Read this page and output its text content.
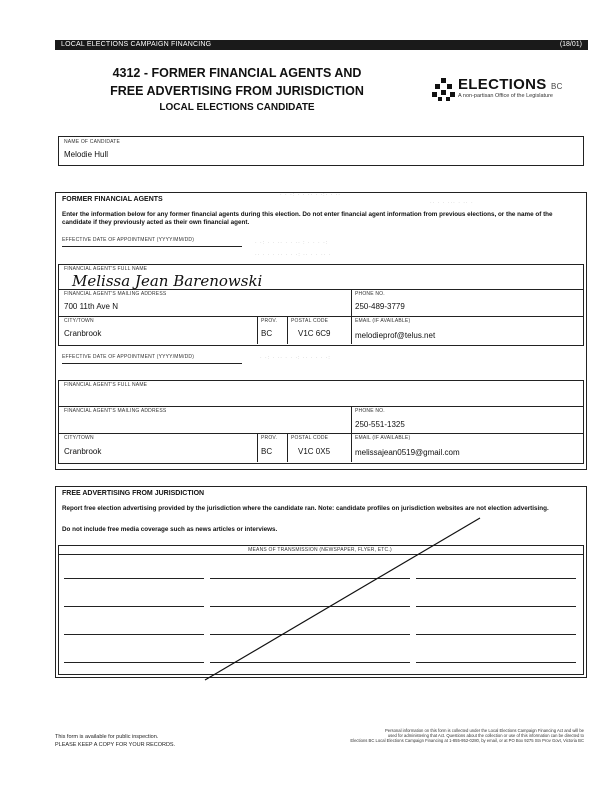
LOCAL ELECTIONS CAMPAIGN FINANCING	(18/01)
4312 - FORMER FINANCIAL AGENTS AND
FREE ADVERTISING FROM JURISDICTION
LOCAL ELECTIONS CANDIDATE
ELECTIONS BC
A non-partisan Office of the Legislature
NAME OF CANDIDATE
Melodie Hull
FORMER FINANCIAL AGENTS
Enter the information below for any former financial agents during this election. Do not enter financial agent information from previous elections, or the name of the candidate if they previously acted as their own financial agent.
· · ·: · · ·· · ·:· · ··
·· · · ··· · ·· ·
EFFECTIVE DATE OF APPOINTMENT (YYYY/MM/DD)	· ·: · · ·· · · ·· : · · · ·:
·· · · · ·· · · ·: ·· · · ·· ·
FINANCIAL AGENT'S FULL NAME
Melissa Jean Barenowski
FINANCIAL AGENT'S MAILING ADDRESS
700 11th Ave N
PHONE NO.
250-489-3779
CITY/TOWN
Cranbrook
PROV.
BC
POSTAL CODE
V1C 6C9
EMAIL (IF AVAILABLE)
melodieprof@telus.net
EFFECTIVE DATE OF APPOINTMENT (YYYY/MM/DD)	· ·: · ·· · · ·: ·· · · · ·:
FINANCIAL AGENT'S FULL NAME
FINANCIAL AGENT'S MAILING ADDRESS	PHONE NO.
250-551-1325
CITY/TOWN
Cranbrook
PROV.
BC
POSTAL CODE
V1C 0X5
EMAIL (IF AVAILABLE)
melissajean0519@gmail.com
FREE ADVERTISING FROM JURISDICTION
Report free election advertising provided by the jurisdiction where the candidate ran. Note: candidate profiles on jurisdiction websites are not election advertising.
Do not include free media coverage such as news articles or interviews.
MEANS OF TRANSMISSION (NEWSPAPER, FLYER, ETC.)
This form is available for public inspection.
PLEASE KEEP A COPY FOR YOUR RECORDS.
Personal information on this form is collected under the Local Elections Campaign Financing Act and will be
used for administering that Act. Questions about the collection or use of this information can be directed to
Elections BC Local Elections Campaign Financing at 1-855-952-0280, by email, or at PO Box 9275 Stn Prov Govt, Victoria BC
